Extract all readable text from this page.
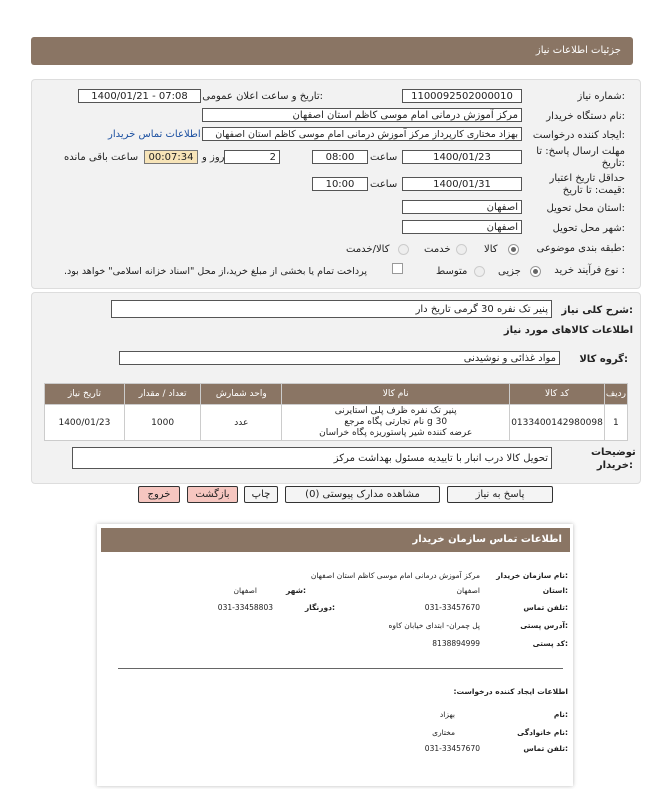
جزئیات اطلاعات نیاز
شماره نیاز:
1100092502000010
تاریخ و ساعت اعلان عمومی:
1400/01/21 - 07:08
نام دستگاه خریدار:
مرکز آموزش درمانی امام موسی کاظم استان اصفهان
ایجاد کننده درخواست:
بهزاد مختاری کارپرداز مرکز آموزش درمانی امام موسی کاظم استان اصفهان
اطلاعات تماس خریدار
مهلت ارسال پاسخ: تا تاریخ:
1400/01/23
ساعت
08:00
2
روز و
00:07:34
ساعت باقی مانده
حداقل تاریخ اعتبار قیمت: تا تاریخ:
1400/01/31
ساعت
10:00
استان محل تحویل:
اصفهان
شهر محل تحویل:
اصفهان
طبقه بندی موضوعی:
کالا
خدمت
کالا/خدمت
نوع فرآیند خرید :
جزیی
متوسط
پرداخت تمام یا بخشی از مبلغ خرید،از محل "اسناد خزانه اسلامی" خواهد بود.
شرح کلی نیاز:
پنیر تک نفره 30 گرمی تاریخ دار
اطلاعات کالاهای مورد نیاز
گروه کالا:
مواد غذائی و نوشیدنی
ردیف	کد کالا	نام کالا	واحد شمارش	تعداد / مقدار	تاریخ نیاز
1	0133400142980098	پنیر تک نفره ظرف پلی استایرنی
30 g نام تجارتی پگاه مرجع
عرضه کننده شیر پاستوریزه پگاه خراسان	عدد	1000	1400/01/23
توضیحات خریدار:
تحویل کالا درب انبار با تاییدیه مسئول بهداشت مرکز
پاسخ به نیاز
مشاهده مدارک پیوستی (0)
چاپ
بازگشت
خروج
اطلاعات تماس سازمان خریدار
نام سازمان خریدار:
مرکز آموزش درمانی امام موسی کاظم استان اصفهان
استان:
اصفهان
شهر:
اصفهان
تلفن تماس:
031-33457670
دورنگار:
031-33458803
آدرس پستی:
پل چمران- ابتدای خیابان کاوه
کد پستی:
8138894999
اطلاعات ایجاد کننده درخواست:
نام:
بهزاد
نام خانوادگی:
مختاری
تلفن تماس:
031-33457670
